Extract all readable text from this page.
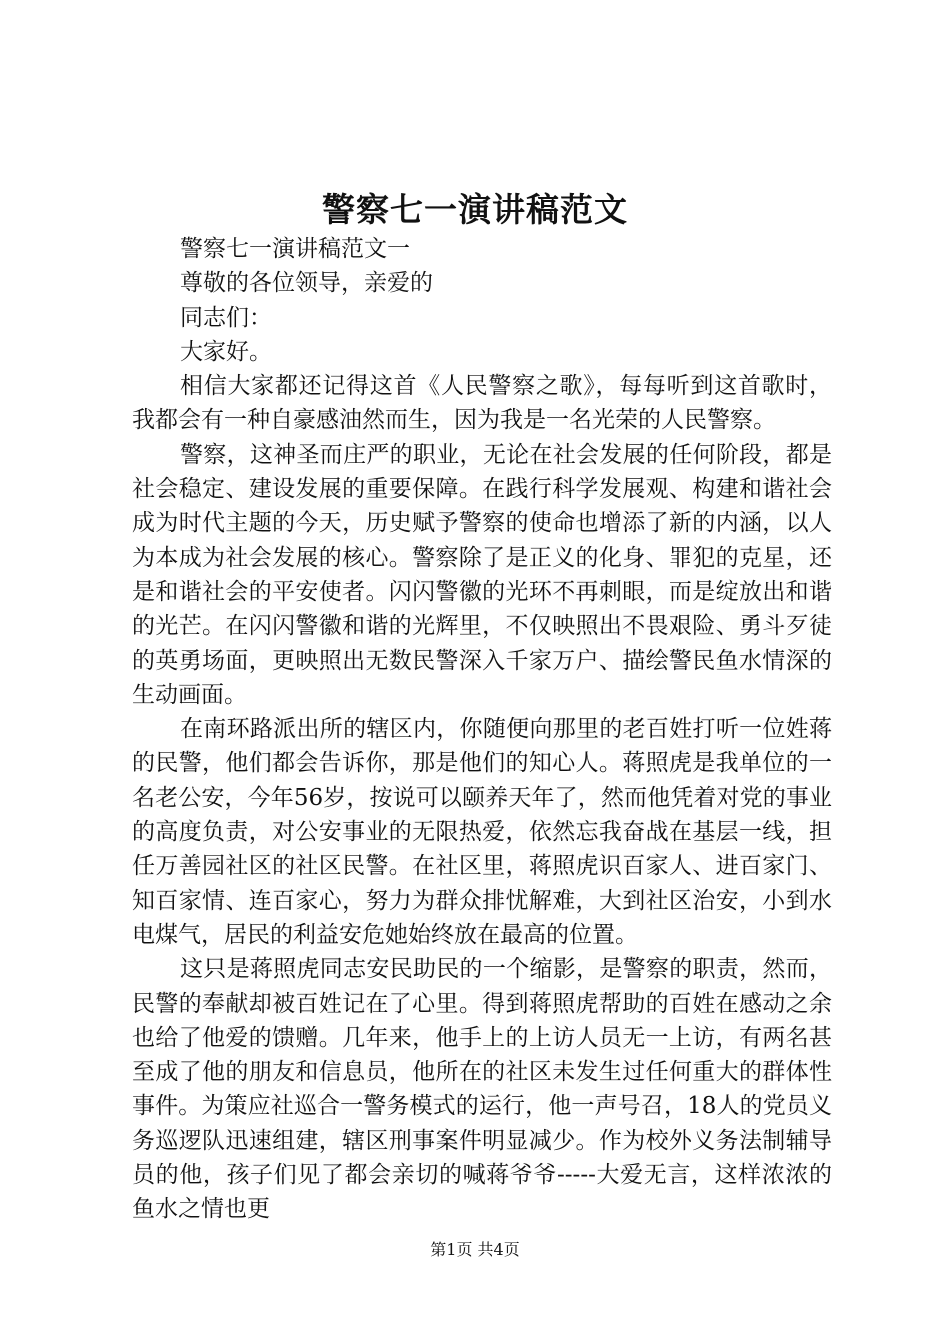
警察七一演讲稿范文

警察七一演讲稿范文一

尊敬的各位领导，亲爱的

同志们：

大家好。

相信大家都还记得这首《人民警察之歌》，每每听到这首歌时，我都会有一种自豪感油然而生，因为我是一名光荣的人民警察。

警察，这神圣而庄严的职业，无论在社会发展的任何阶段，都是社会稳定、建设发展的重要保障。在践行科学发展观、构建和谐社会成为时代主题的今天，历史赋予警察的使命也增添了新的内涵，以人为本成为社会发展的核心。警察除了是正义的化身、罪犯的克星，还是和谐社会的平安使者。闪闪警徽的光环不再刺眼，而是绽放出和谐的光芒。在闪闪警徽和谐的光辉里，不仅映照出不畏艰险、勇斗歹徒的英勇场面，更映照出无数民警深入千家万户、描绘警民鱼水情深的生动画面。

在南环路派出所的辖区内，你随便向那里的老百姓打听一位姓蒋的民警，他们都会告诉你，那是他们的知心人。蒋照虎是我单位的一名老公安，今年56岁，按说可以颐养天年了，然而他凭着对党的事业的高度负责，对公安事业的无限热爱，依然忘我奋战在基层一线，担任万善园社区的社区民警。在社区里，蒋照虎识百家人、进百家门、知百家情、连百家心，努力为群众排忧解难，大到社区治安，小到水电煤气，居民的利益安危她始终放在最高的位置。

这只是蒋照虎同志安民助民的一个缩影，是警察的职责，然而，民警的奉献却被百姓记在了心里。得到蒋照虎帮助的百姓在感动之余也给了他爱的馈赠。几年来，他手上的上访人员无一上访，有两名甚至成了他的朋友和信息员，他所在的社区未发生过任何重大的群体性事件。为策应社巡合一警务模式的运行，他一声号召，18人的党员义务巡逻队迅速组建，辖区刑事案件明显减少。作为校外义务法制辅导员的他，孩子们见了都会亲切的喊蒋爷爷-----大爱无言，这样浓浓的鱼水之情也更

第1页 共4页
